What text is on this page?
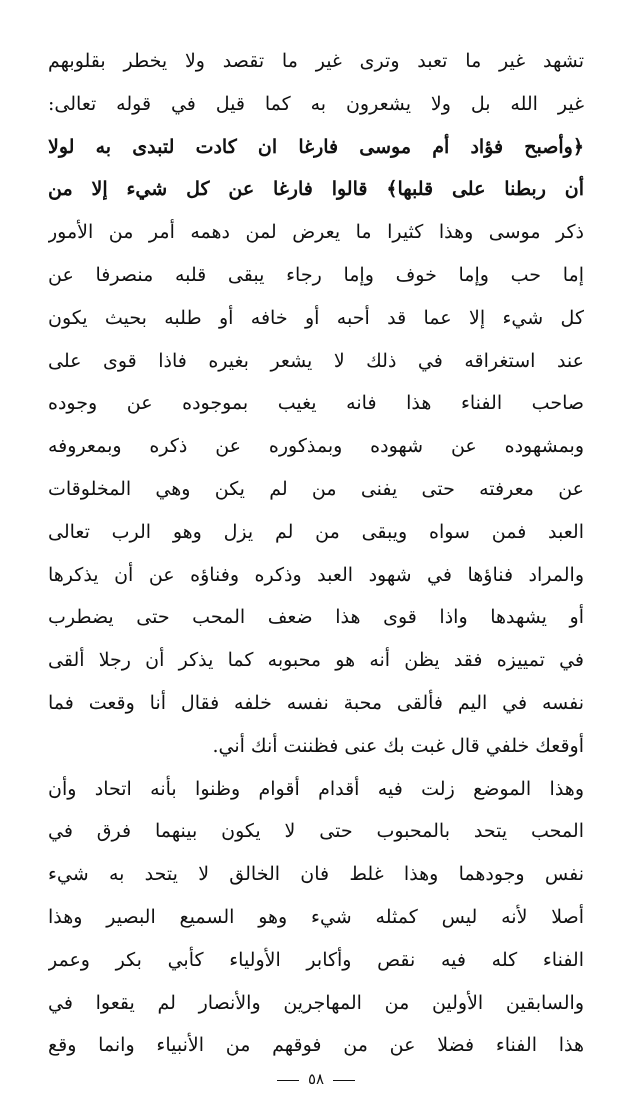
تشهد غير ما تعبد وترى غير ما تقصد ولا يخطر بقلوبهم
غير الله بل ولا يشعرون به كما قيل في قوله تعالى:
﴿وأصبح فؤاد أم موسى فارغا ان كادت لتبدى به لولا
أن ربطنا على قلبها﴾ قالوا فارغا عن كل شيء إلا من
ذكر موسى وهذا كثيرا ما يعرض لمن دهمه أمر من الأمور
إما حب وإما خوف وإما رجاء يبقى قلبه منصرفا عن
كل شيء إلا عما قد أحبه أو خافه أو طلبه بحيث يكون
عند استغراقه في ذلك لا يشعر بغيره فاذا قوى على
صاحب الفناء هذا فانه يغيب بموجوده عن وجوده
وبمشهوده عن شهوده وبمذكوره عن ذكره وبمعروفه
عن معرفته حتى يفنى من لم يكن وهي المخلوقات
العبد فمن سواه ويبقى من لم يزل وهو الرب تعالى
والمراد فناؤها في شهود العبد وذكره وفناؤه عن أن يذكرها
أو يشهدها واذا قوى هذا ضعف المحب حتى يضطرب
في تمييزه فقد يظن أنه هو محبوبه كما يذكر أن رجلا ألقى
نفسه في اليم فألقى محبة نفسه خلفه فقال أنا وقعت فما
أوقعك خلفي قال غبت بك عنى فظننت أنك أني.
وهذا الموضع زلت فيه أقدام أقوام وظنوا بأنه اتحاد وأن
المحب يتحد بالمحبوب حتى لا يكون بينهما فرق في
نفس وجودهما وهذا غلط فان الخالق لا يتحد به شيء
أصلا لأنه ليس كمثله شيء وهو السميع البصير وهذا
الفناء كله فيه نقص وأكابر الأولياء كأبي بكر وعمر
والسابقين الأولين من المهاجرين والأنصار لم يقعوا في
هذا الفناء فضلا عن من فوقهم من الأنبياء وانما وقع
٥٨
